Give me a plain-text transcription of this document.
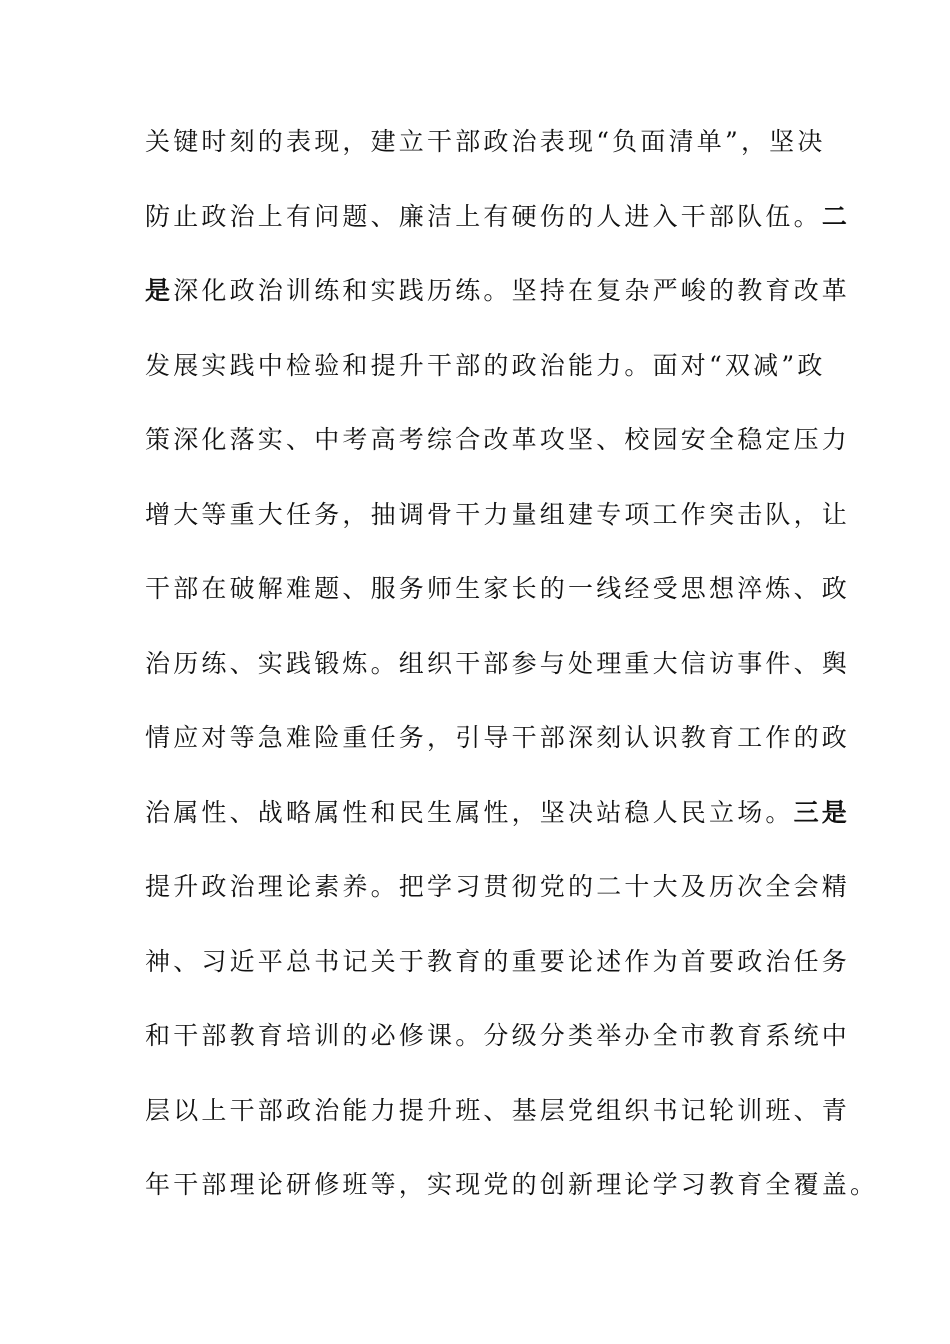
关键时刻的表现，建立干部政治表现“负面清单”，坚决
防止政治上有问题、廉洁上有硬伤的人进入干部队伍。二
是深化政治训练和实践历练。坚持在复杂严峻的教育改革
发展实践中检验和提升干部的政治能力。面对“双减”政
策深化落实、中考高考综合改革攻坚、校园安全稳定压力
增大等重大任务，抽调骨干力量组建专项工作突击队，让
干部在破解难题、服务师生家长的一线经受思想淬炼、政
治历练、实践锻炼。组织干部参与处理重大信访事件、舆
情应对等急难险重任务，引导干部深刻认识教育工作的政
治属性、战略属性和民生属性，坚决站稳人民立场。三是
提升政治理论素养。把学习贯彻党的二十大及历次全会精
神、习近平总书记关于教育的重要论述作为首要政治任务
和干部教育培训的必修课。分级分类举办全市教育系统中
层以上干部政治能力提升班、基层党组织书记轮训班、青
年干部理论研修班等，实现党的创新理论学习教育全覆盖。
